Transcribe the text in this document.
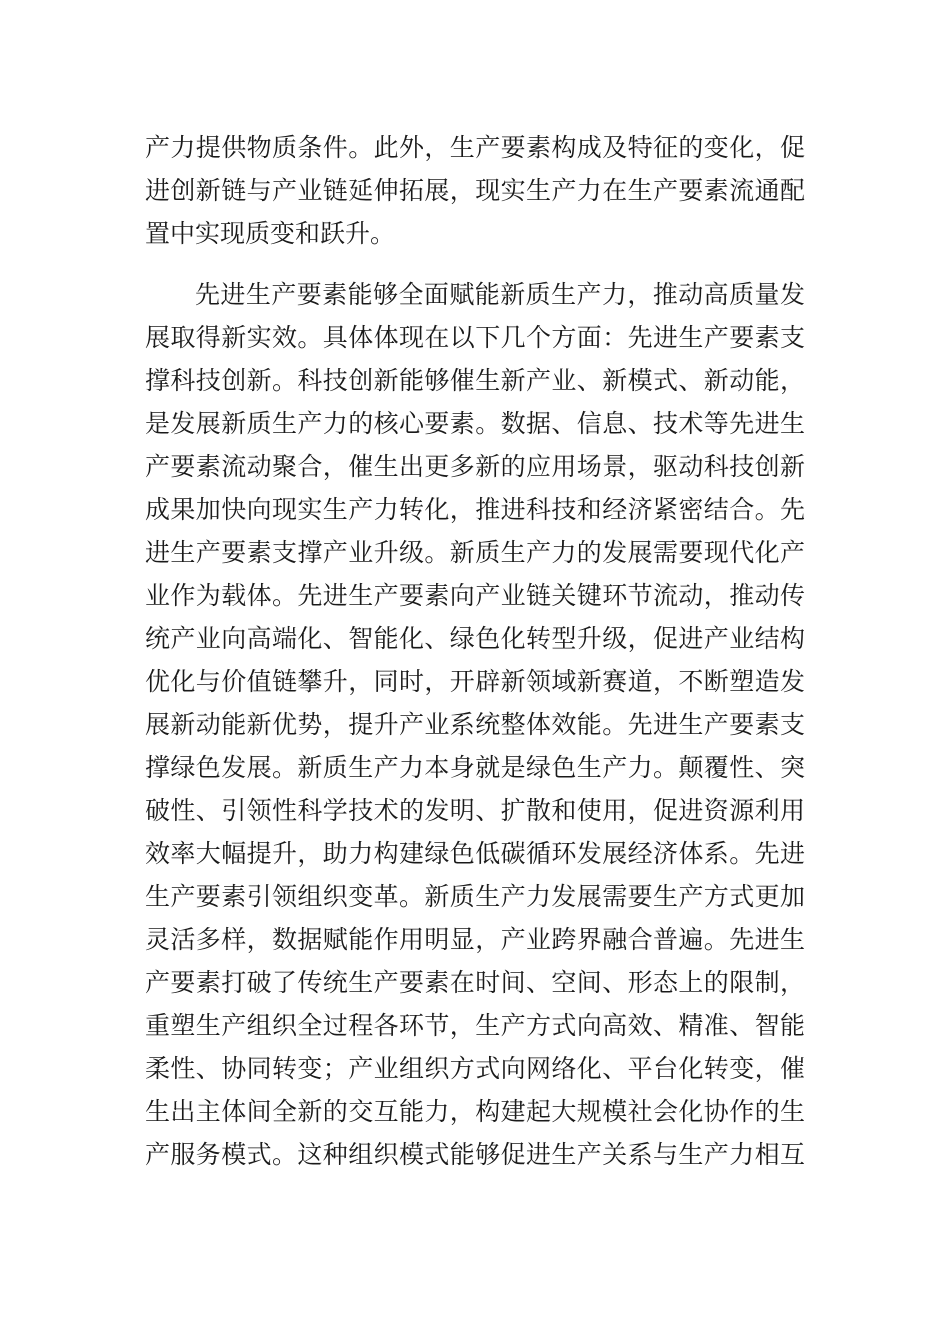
产力提供物质条件。此外，生产要素构成及特征的变化，促
进创新链与产业链延伸拓展，现实生产力在生产要素流通配
置中实现质变和跃升。
先进生产要素能够全面赋能新质生产力，推动高质量发
展取得新实效。具体体现在以下几个方面：先进生产要素支
撑科技创新。科技创新能够催生新产业、新模式、新动能，
是发展新质生产力的核心要素。数据、信息、技术等先进生
产要素流动聚合，催生出更多新的应用场景，驱动科技创新
成果加快向现实生产力转化，推进科技和经济紧密结合。先
进生产要素支撑产业升级。新质生产力的发展需要现代化产
业作为载体。先进生产要素向产业链关键环节流动，推动传
统产业向高端化、智能化、绿色化转型升级，促进产业结构
优化与价值链攀升，同时，开辟新领域新赛道，不断塑造发
展新动能新优势，提升产业系统整体效能。先进生产要素支
撑绿色发展。新质生产力本身就是绿色生产力。颠覆性、突
破性、引领性科学技术的发明、扩散和使用，促进资源利用
效率大幅提升，助力构建绿色低碳循环发展经济体系。先进
生产要素引领组织变革。新质生产力发展需要生产方式更加
灵活多样，数据赋能作用明显，产业跨界融合普遍。先进生
产要素打破了传统生产要素在时间、空间、形态上的限制，
重塑生产组织全过程各环节，生产方式向高效、精准、智能
柔性、协同转变；产业组织方式向网络化、平台化转变，催
生出主体间全新的交互能力，构建起大规模社会化协作的生
产服务模式。这种组织模式能够促进生产关系与生产力相互
